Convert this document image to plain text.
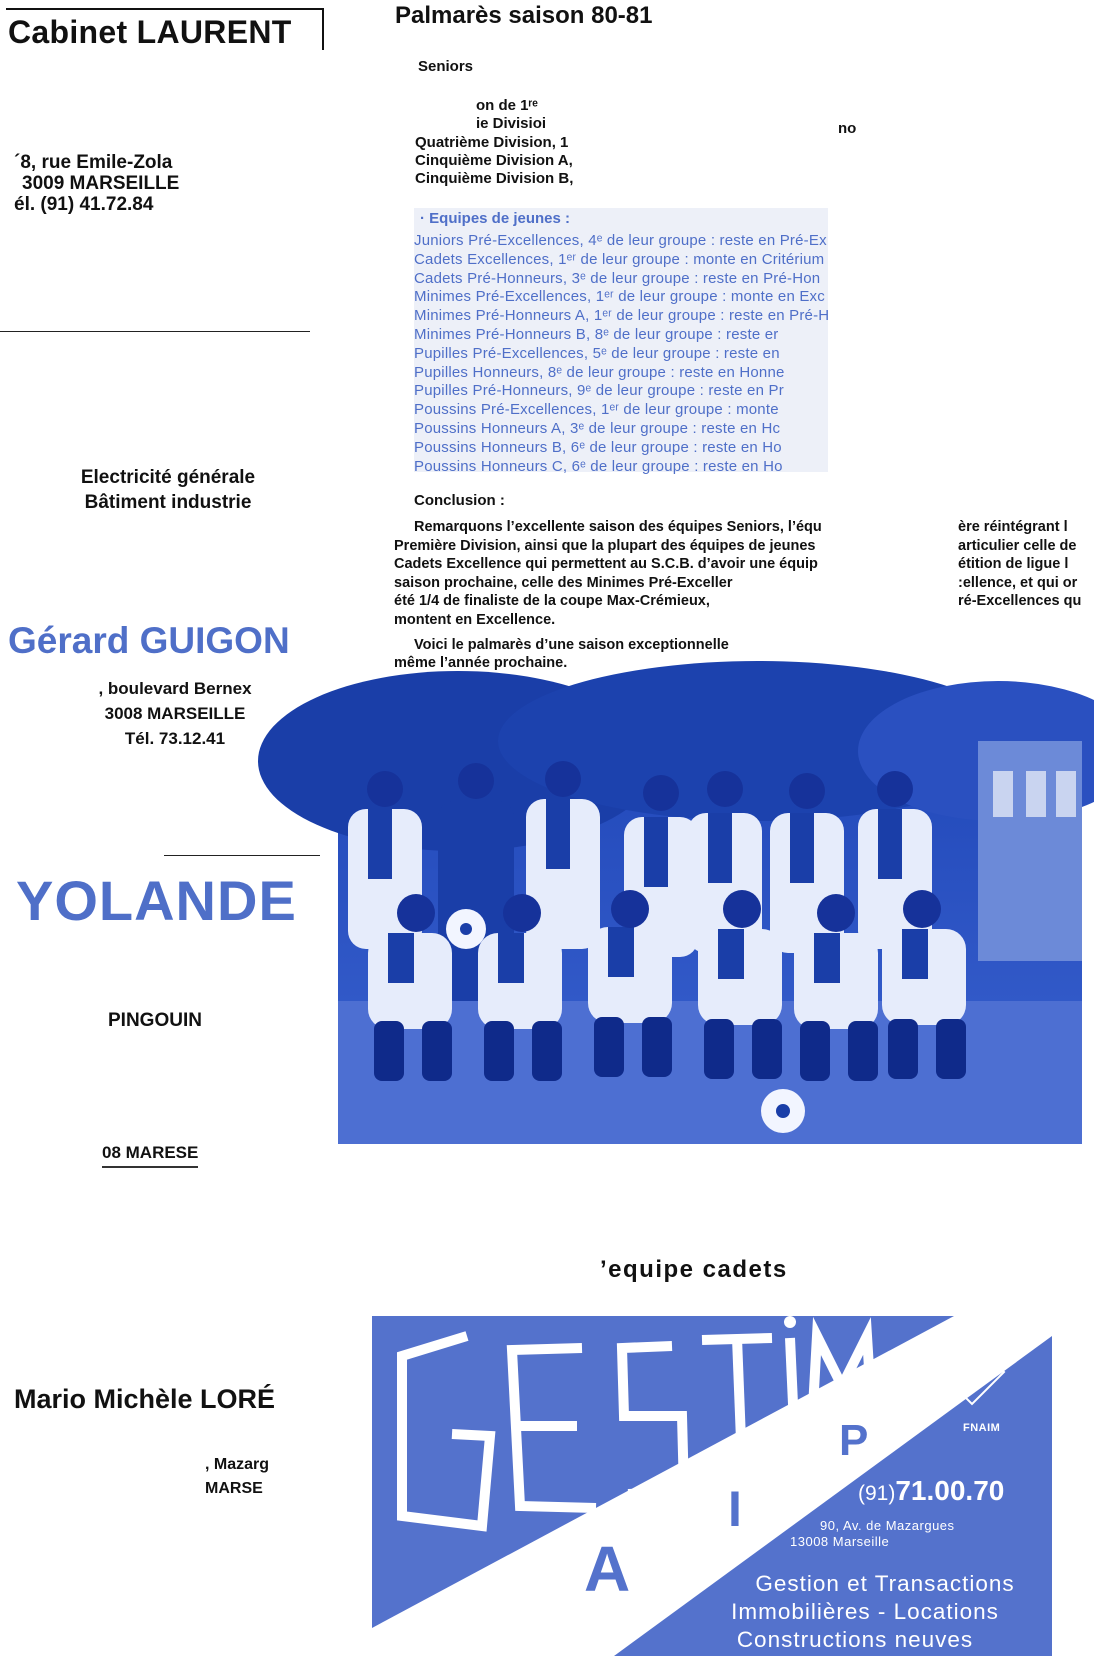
Cabinet LAURENT
´8, rue Emile-Zola
3009 MARSEILLE
él. (91) 41.72.84
Electricité générale
Bâtiment industrie
Gérard GUIGON
, boulevard Bernex
3008 MARSEILLE
Tél. 73.12.41
YOLANDE
PINGOUIN
08 MARESE
Mario Michèle LORÉ
, Mazarg
MARSE
Palmarès saison 80-81
Seniors
on de 1ʳᵉ
ie Divisioi
Quatrième Division, 1
Cinquième Division A,
Cinquième Division B,
no
· Equipes de jeunes :
Juniors Pré-Excellences, 4ᵉ de leur groupe : reste en Pré-Ex
Cadets Excellences, 1ᵉʳ de leur groupe : monte en Critérium
Cadets Pré-Honneurs, 3ᵉ de leur groupe : reste en Pré-Hon
Minimes Pré-Excellences, 1ᵉʳ de leur groupe : monte en Exc
Minimes Pré-Honneurs A, 1ᵉʳ de leur groupe : reste en Pré-H
Minimes Pré-Honneurs B, 8ᵉ de leur groupe : reste er
Pupilles Pré-Excellences, 5ᵉ de leur groupe : reste en
Pupilles Honneurs, 8ᵉ de leur groupe : reste en Honne
Pupilles Pré-Honneurs, 9ᵉ de leur groupe : reste en Pr
Poussins Pré-Excellences, 1ᵉʳ de leur groupe : monte
Poussins Honneurs A, 3ᵉ de leur groupe : reste en Hc
Poussins Honneurs B, 6ᵉ de leur groupe : reste en Ho
Poussins Honneurs C, 6ᵉ de leur groupe : reste en Ho
Conclusion :
Remarquons l’excellente saison des équipes Seniors, l’équ
Première Division, ainsi que la plupart des équipes de jeunes
Cadets Excellence qui permettent au S.C.B. d’avoir une équip
saison prochaine, celle des Minimes Pré-Exceller
été 1/4 de finaliste de la coupe Max-Crémieux,
montent en Excellence.
Voici le palmarès d’une saison exceptionnelle
même l’année prochaine.
ère réintégrant l
articulier celle de
étition de ligue l
:ellence, et qui or
ré-Excellences qu
’equipe cadets
P
I
A
FNAIM
(91)71.00.70
90, Av. de Mazargues
13008 Marseille
Gestion et Transactions
Immobilières - Locations
Constructions neuves
